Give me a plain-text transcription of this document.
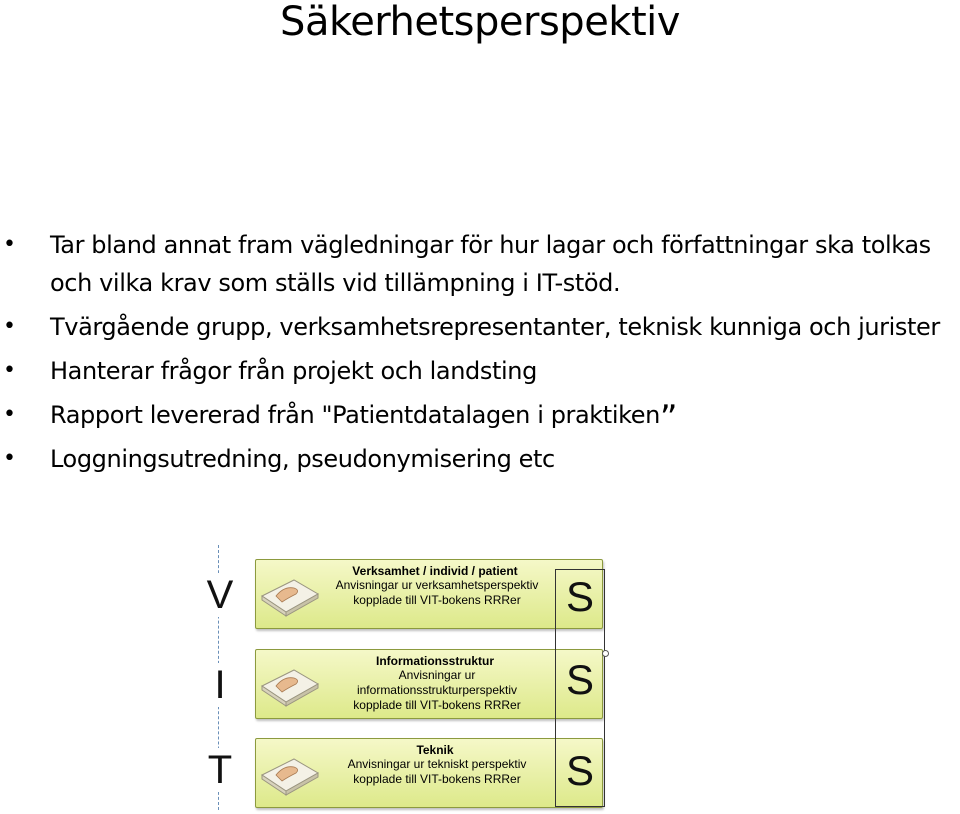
Säkerhetsperspektiv
• Tar bland annat fram vägledningar för hur lagar och författningar ska tolkas och vilka krav som ställs vid tillämpning i IT-stöd.
• Tvärgående grupp, verksamhetsrepresentanter, teknisk kunniga och jurister
• Hanterar frågor från projekt och landsting
• Rapport levererad från "Patientdatalagen i praktiken”
• Loggningsutredning, pseudonymisering etc
V
I
T
Verksamhet / individ / patient
Anvisningar ur verksamhetsperspektiv
kopplade till VIT-bokens RRRer
Informationsstruktur
Anvisningar ur informationsstrukturperspektiv
kopplade till VIT-bokens RRRer
Teknik
Anvisningar ur tekniskt perspektiv
kopplade till VIT-bokens RRRer
S
S
S
